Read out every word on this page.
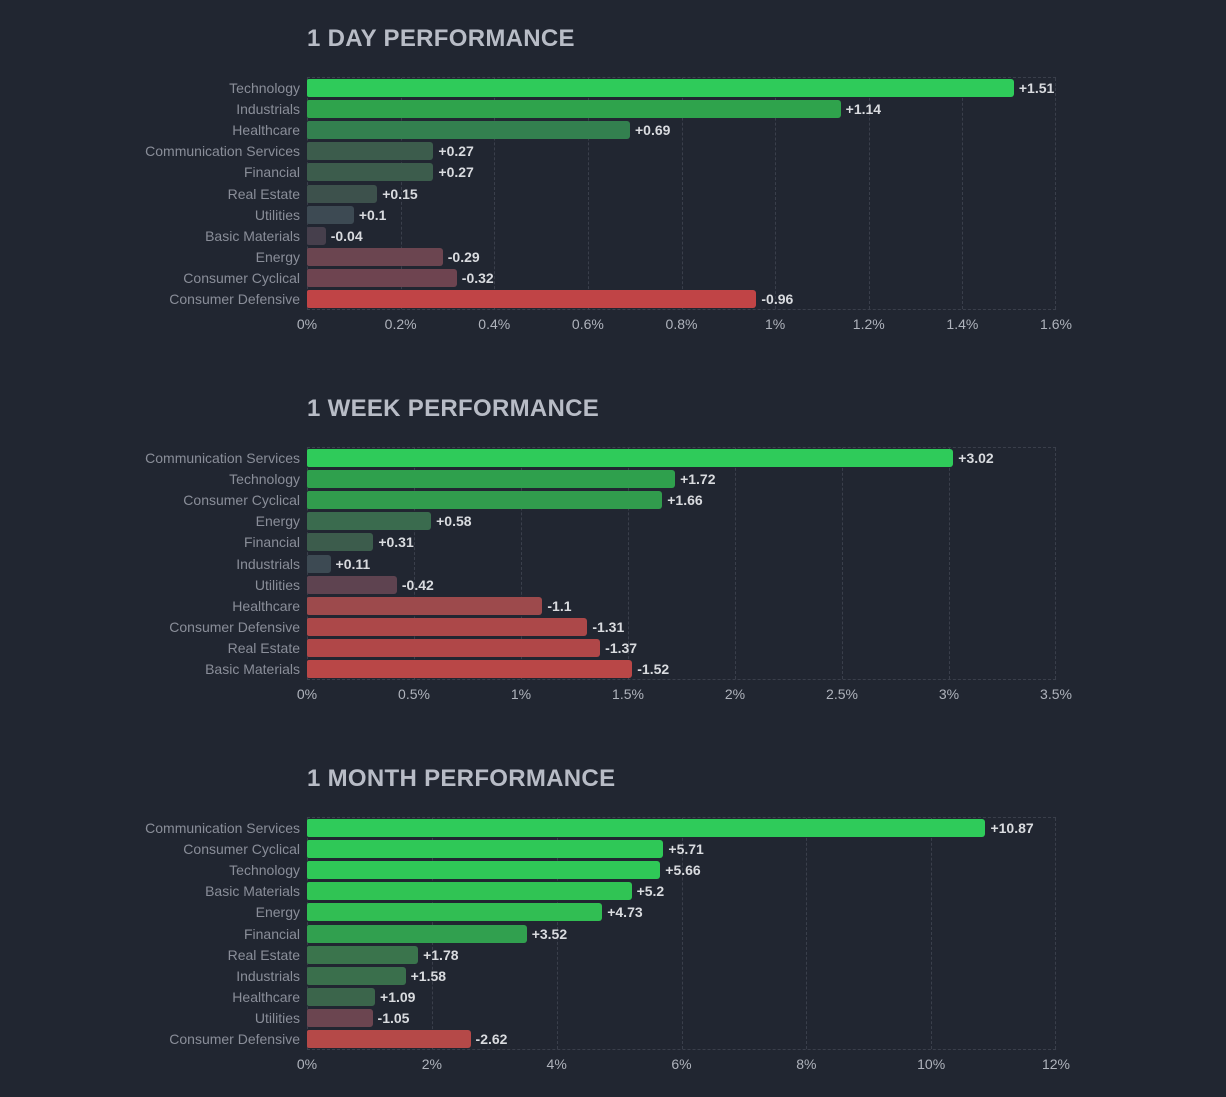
1 DAY PERFORMANCE
Technology	+1.51
Industrials	+1.14
Healthcare	+0.69
Communication Services	+0.27
Financial	+0.27
Real Estate	+0.15
Utilities	+0.1
Basic Materials -0.04
Energy	-0.29
Consumer Cyclical	-0.32
Consumer Defensive	-0.96
0%	0.2%	0.4%	0.6%	0.8%	1%	1.2%	1.4%	1.6%
1 WEEK PERFORMANCE
Communication Services	+3.02
Technology	+1.72
Consumer Cyclical	+1.66
Energy	+0.58
Financial	+0.31
Industrials	+0.11
Utilities	-0.42
Healthcare	-1.1
Consumer Defensive	-1.31
Real Estate	-1.37
Basic Materials	-1.52
0%	0.5%	1%	1.5%	2%	2.5%	3%	3.5%
1 MONTH PERFORMANCE
Communication Services	+10.87
Consumer Cyclical	+5.71
Technology	+5.66
Basic Materials	+5.2
Energy	+4.73
Financial	+3.52
Real Estate	+1.78
Industrials	+1.58
Healthcare	+1.09
Utilities	-1.05
Consumer Defensive	-2.62
0%	2%	4%	6%	8%	10%	12%
